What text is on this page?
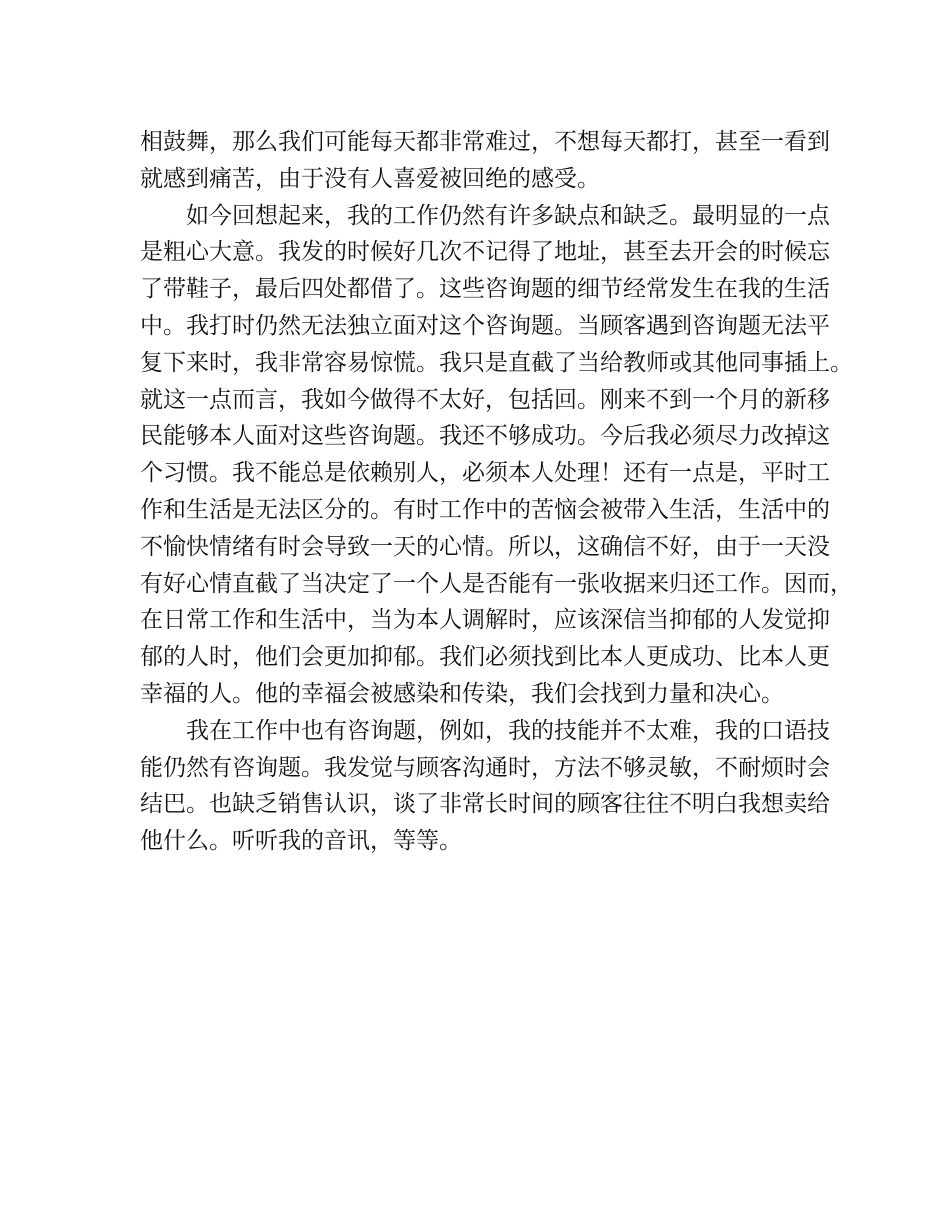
相鼓舞，那么我们可能每天都非常难过，不想每天都打，甚至一看到
就感到痛苦，由于没有人喜爱被回绝的感受。
如今回想起来，我的工作仍然有许多缺点和缺乏。最明显的一点
是粗心大意。我发的时候好几次不记得了地址，甚至去开会的时候忘
了带鞋子，最后四处都借了。这些咨询题的细节经常发生在我的生活
中。我打时仍然无法独立面对这个咨询题。当顾客遇到咨询题无法平
复下来时，我非常容易惊慌。我只是直截了当给教师或其他同事插上。
就这一点而言，我如今做得不太好，包括回。刚来不到一个月的新移
民能够本人面对这些咨询题。我还不够成功。今后我必须尽力改掉这
个习惯。我不能总是依赖别人，必须本人处理！还有一点是，平时工
作和生活是无法区分的。有时工作中的苦恼会被带入生活，生活中的
不愉快情绪有时会导致一天的心情。所以，这确信不好，由于一天没
有好心情直截了当决定了一个人是否能有一张收据来归还工作。因而，
在日常工作和生活中，当为本人调解时，应该深信当抑郁的人发觉抑
郁的人时，他们会更加抑郁。我们必须找到比本人更成功、比本人更
幸福的人。他的幸福会被感染和传染，我们会找到力量和决心。
我在工作中也有咨询题，例如，我的技能并不太难，我的口语技
能仍然有咨询题。我发觉与顾客沟通时，方法不够灵敏，不耐烦时会
结巴。也缺乏销售认识，谈了非常长时间的顾客往往不明白我想卖给
他什么。听听我的音讯，等等。
